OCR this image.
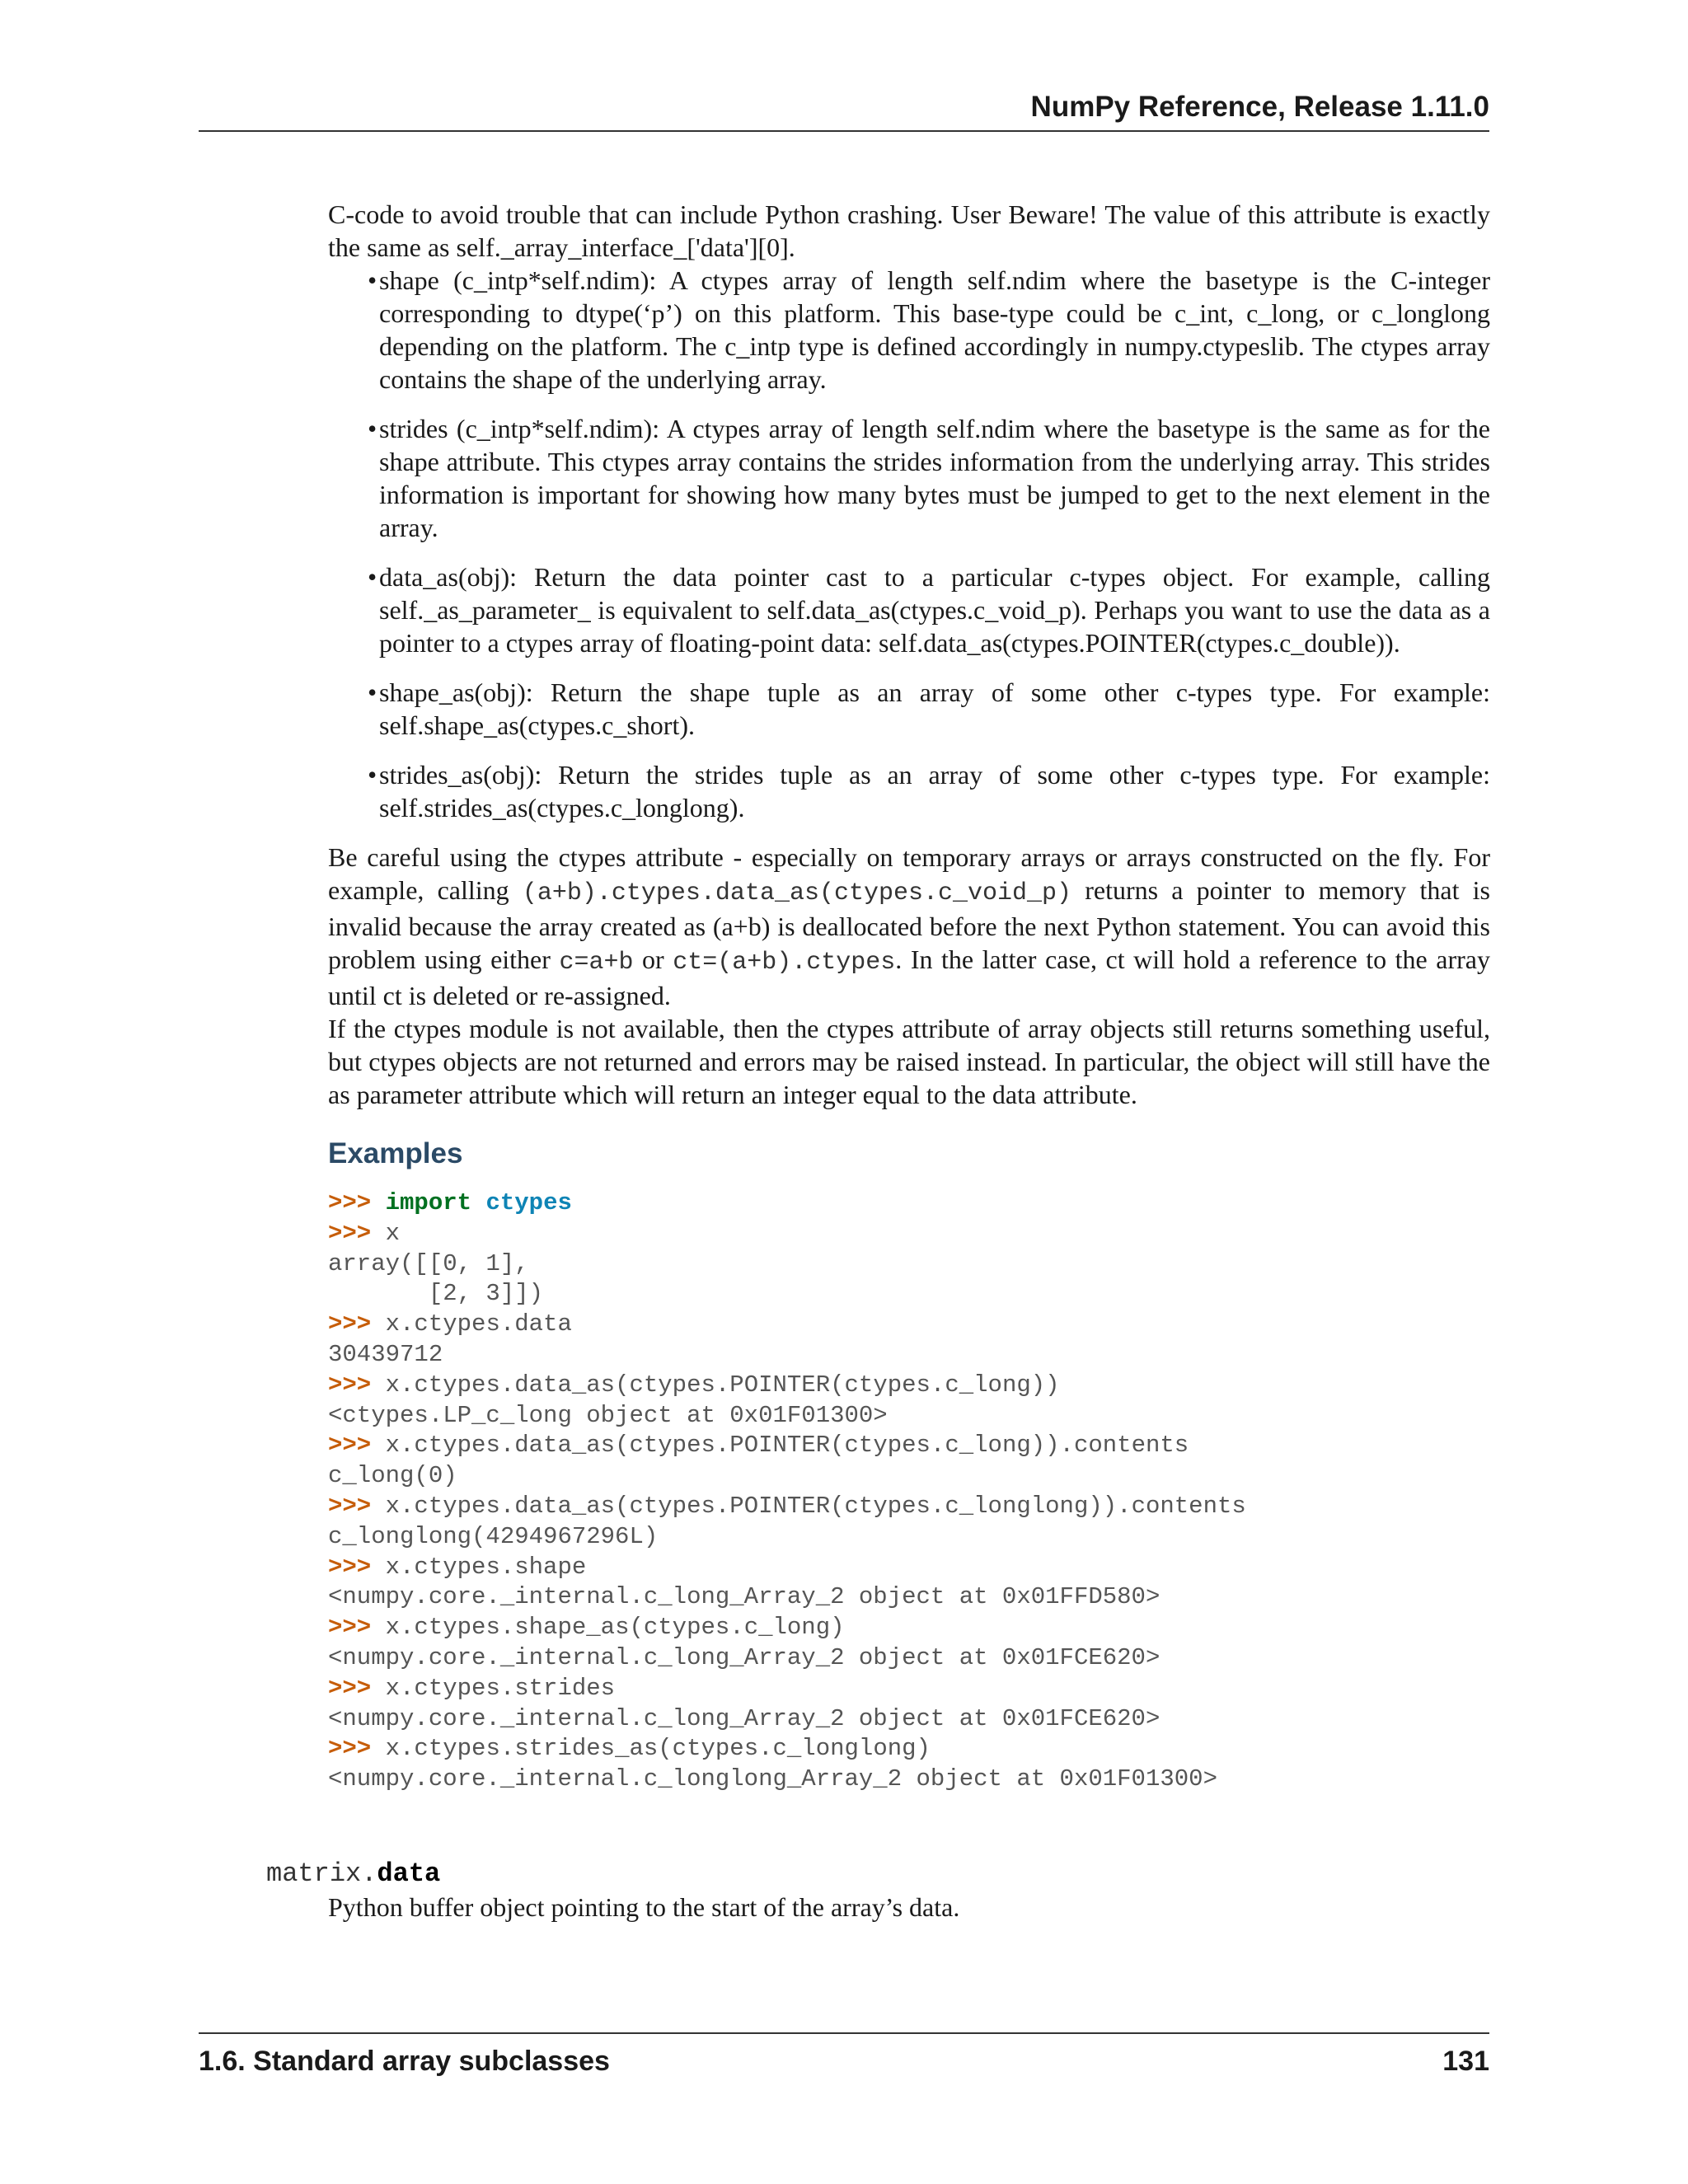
NumPy Reference, Release 1.11.0

C-code to avoid trouble that can include Python crashing. User Beware! The value of this attribute is exactly the same as self._array_interface_['data'][0].

• shape (c_intp*self.ndim): A ctypes array of length self.ndim where the basetype is the C-integer corresponding to dtype(‘p’) on this platform. This base-type could be c_int, c_long, or c_longlong depending on the platform. The c_intp type is defined accordingly in numpy.ctypeslib. The ctypes array contains the shape of the underlying array.
• strides (c_intp*self.ndim): A ctypes array of length self.ndim where the basetype is the same as for the shape attribute. This ctypes array contains the strides information from the underlying array. This strides information is important for showing how many bytes must be jumped to get to the next element in the array.
• data_as(obj): Return the data pointer cast to a particular c-types object. For example, calling self._as_parameter_ is equivalent to self.data_as(ctypes.c_void_p). Perhaps you want to use the data as a pointer to a ctypes array of floating-point data: self.data_as(ctypes.POINTER(ctypes.c_double)).
• shape_as(obj): Return the shape tuple as an array of some other c-types type. For example: self.shape_as(ctypes.c_short).
• strides_as(obj): Return the strides tuple as an array of some other c-types type. For example: self.strides_as(ctypes.c_longlong).

Be careful using the ctypes attribute - especially on temporary arrays or arrays constructed on the fly. For example, calling (a+b).ctypes.data_as(ctypes.c_void_p) returns a pointer to memory that is invalid because the array created as (a+b) is deallocated before the next Python statement. You can avoid this problem using either c=a+b or ct=(a+b).ctypes. In the latter case, ct will hold a reference to the array until ct is deleted or re-assigned.

If the ctypes module is not available, then the ctypes attribute of array objects still returns something useful, but ctypes objects are not returned and errors may be raised instead. In particular, the object will still have the as parameter attribute which will return an integer equal to the data attribute.

Examples
>>> import ctypes
>>> x
array([[0, 1],
[2, 3]])
>>> x.ctypes.data
30439712
>>> x.ctypes.data_as(ctypes.POINTER(ctypes.c_long))
<ctypes.LP_c_long object at 0x01F01300>
>>> x.ctypes.data_as(ctypes.POINTER(ctypes.c_long)).contents
c_long(0)
>>> x.ctypes.data_as(ctypes.POINTER(ctypes.c_longlong)).contents
c_longlong(4294967296L)
>>> x.ctypes.shape
<numpy.core._internal.c_long_Array_2 object at 0x01FFD580>
>>> x.ctypes.shape_as(ctypes.c_long)
<numpy.core._internal.c_long_Array_2 object at 0x01FCE620>
>>> x.ctypes.strides
<numpy.core._internal.c_long_Array_2 object at 0x01FCE620>
>>> x.ctypes.strides_as(ctypes.c_longlong)
<numpy.core._internal.c_longlong_Array_2 object at 0x01F01300>
matrix.data
Python buffer object pointing to the start of the array’s data.
1.6. Standard array subclasses	131
